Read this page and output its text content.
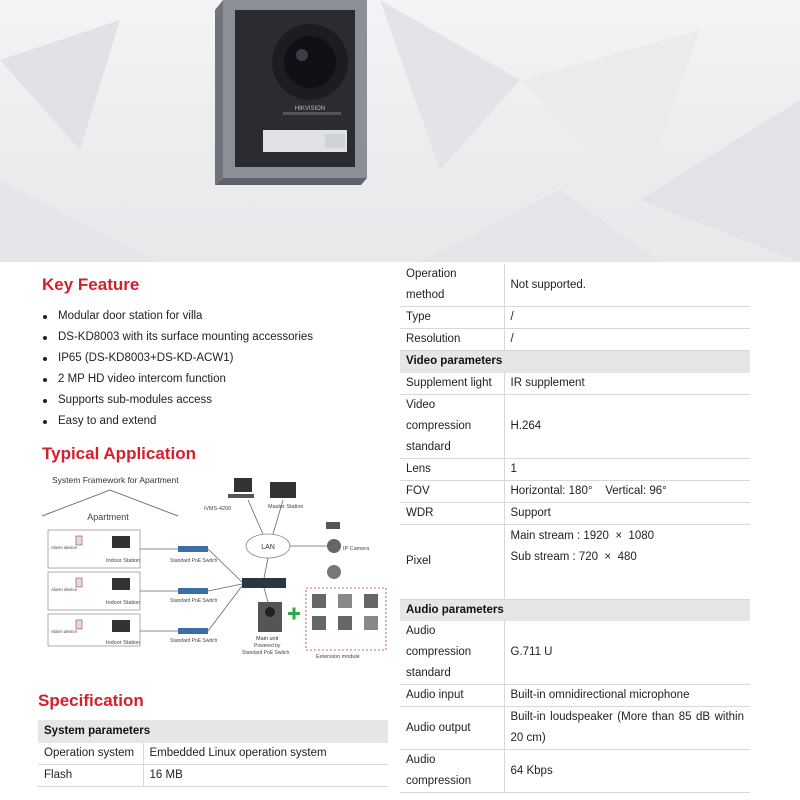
HIKVISION
Key Feature
Modular door station for villa
DS-KD8003 with its surface mounting accessories
IP65 (DS-KD8003+DS-KD-ACW1)
2 MP HD video intercom function
Supports sub-modules access
Easy to and extend
Typical Application
System Framework for Apartment
Apartment
Alarm device
Indoor Station
Alarm device
Indoor Station
Alarm device
Indoor Station
Standard PoE Switch
Standard PoE Switch
Standard PoE Switch
iVMS-4200	Master Station
LAN	IP Camera
Main unit
Powered by
Standard PoE Switch
Extension module
Specification
System parameters	
Operation system	Embedded Linux operation system
Flash	16 MB
Operation method	Not supported.
Type	/
Resolution	/
Video parameters	
Supplement light	IR supplement
Video compression standard	H.264
Lens	1
FOV	Horizontal: 180°    Vertical: 96°
WDR	Support
Pixel	Main stream : 1920  ×  1080
Sub stream : 720  ×  480

Audio parameters	
Audio compression standard	G.711 U
Audio input	Built-in omnidirectional microphone
Audio output	Built-in loudspeaker (More than 85 dB within 20 cm)
Audio compression	64 Kbps
